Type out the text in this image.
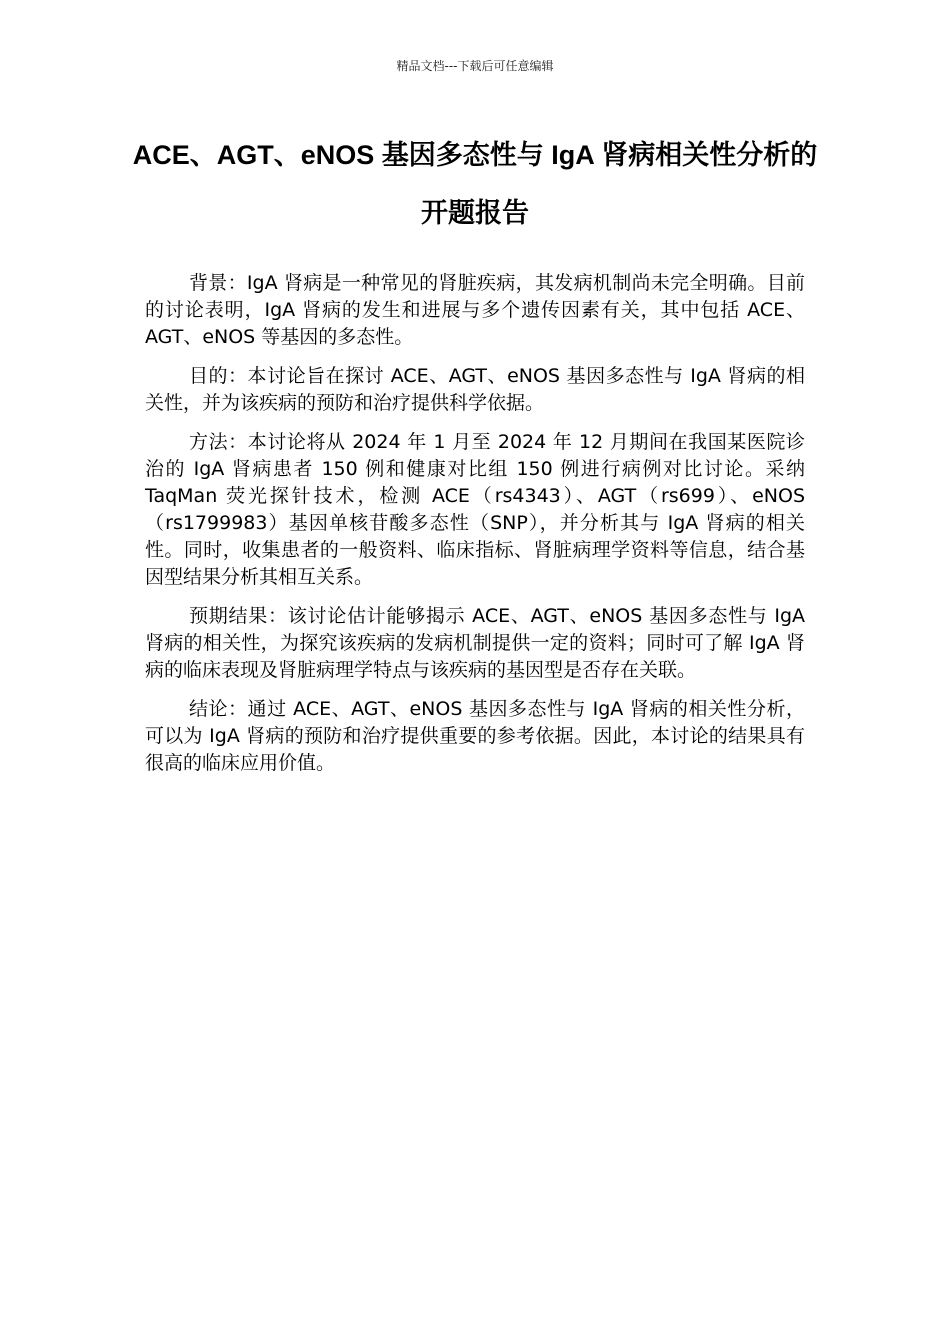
精品文档---下载后可任意编辑
ACE、AGT、eNOS 基因多态性与 IgA 肾病相关性分析的开题报告

背景：IgA 肾病是一种常见的肾脏疾病，其发病机制尚未完全明确。目前的讨论表明，IgA 肾病的发生和进展与多个遗传因素有关，其中包括 ACE、AGT、eNOS 等基因的多态性。

目的：本讨论旨在探讨 ACE、AGT、eNOS 基因多态性与 IgA 肾病的相关性，并为该疾病的预防和治疗提供科学依据。

方法：本讨论将从 2024 年 1 月至 2024 年 12 月期间在我国某医院诊治的 IgA 肾病患者 150 例和健康对比组 150 例进行病例对比讨论。采纳 TaqMan 荧光探针技术，检测 ACE（rs4343）、AGT（rs699）、eNOS（rs1799983）基因单核苷酸多态性（SNP），并分析其与 IgA 肾病的相关性。同时，收集患者的一般资料、临床指标、肾脏病理学资料等信息，结合基因型结果分析其相互关系。

预期结果：该讨论估计能够揭示 ACE、AGT、eNOS 基因多态性与 IgA 肾病的相关性，为探究该疾病的发病机制提供一定的资料；同时可了解 IgA 肾病的临床表现及肾脏病理学特点与该疾病的基因型是否存在关联。

结论：通过 ACE、AGT、eNOS 基因多态性与 IgA 肾病的相关性分析，可以为 IgA 肾病的预防和治疗提供重要的参考依据。因此，本讨论的结果具有很高的临床应用价值。
